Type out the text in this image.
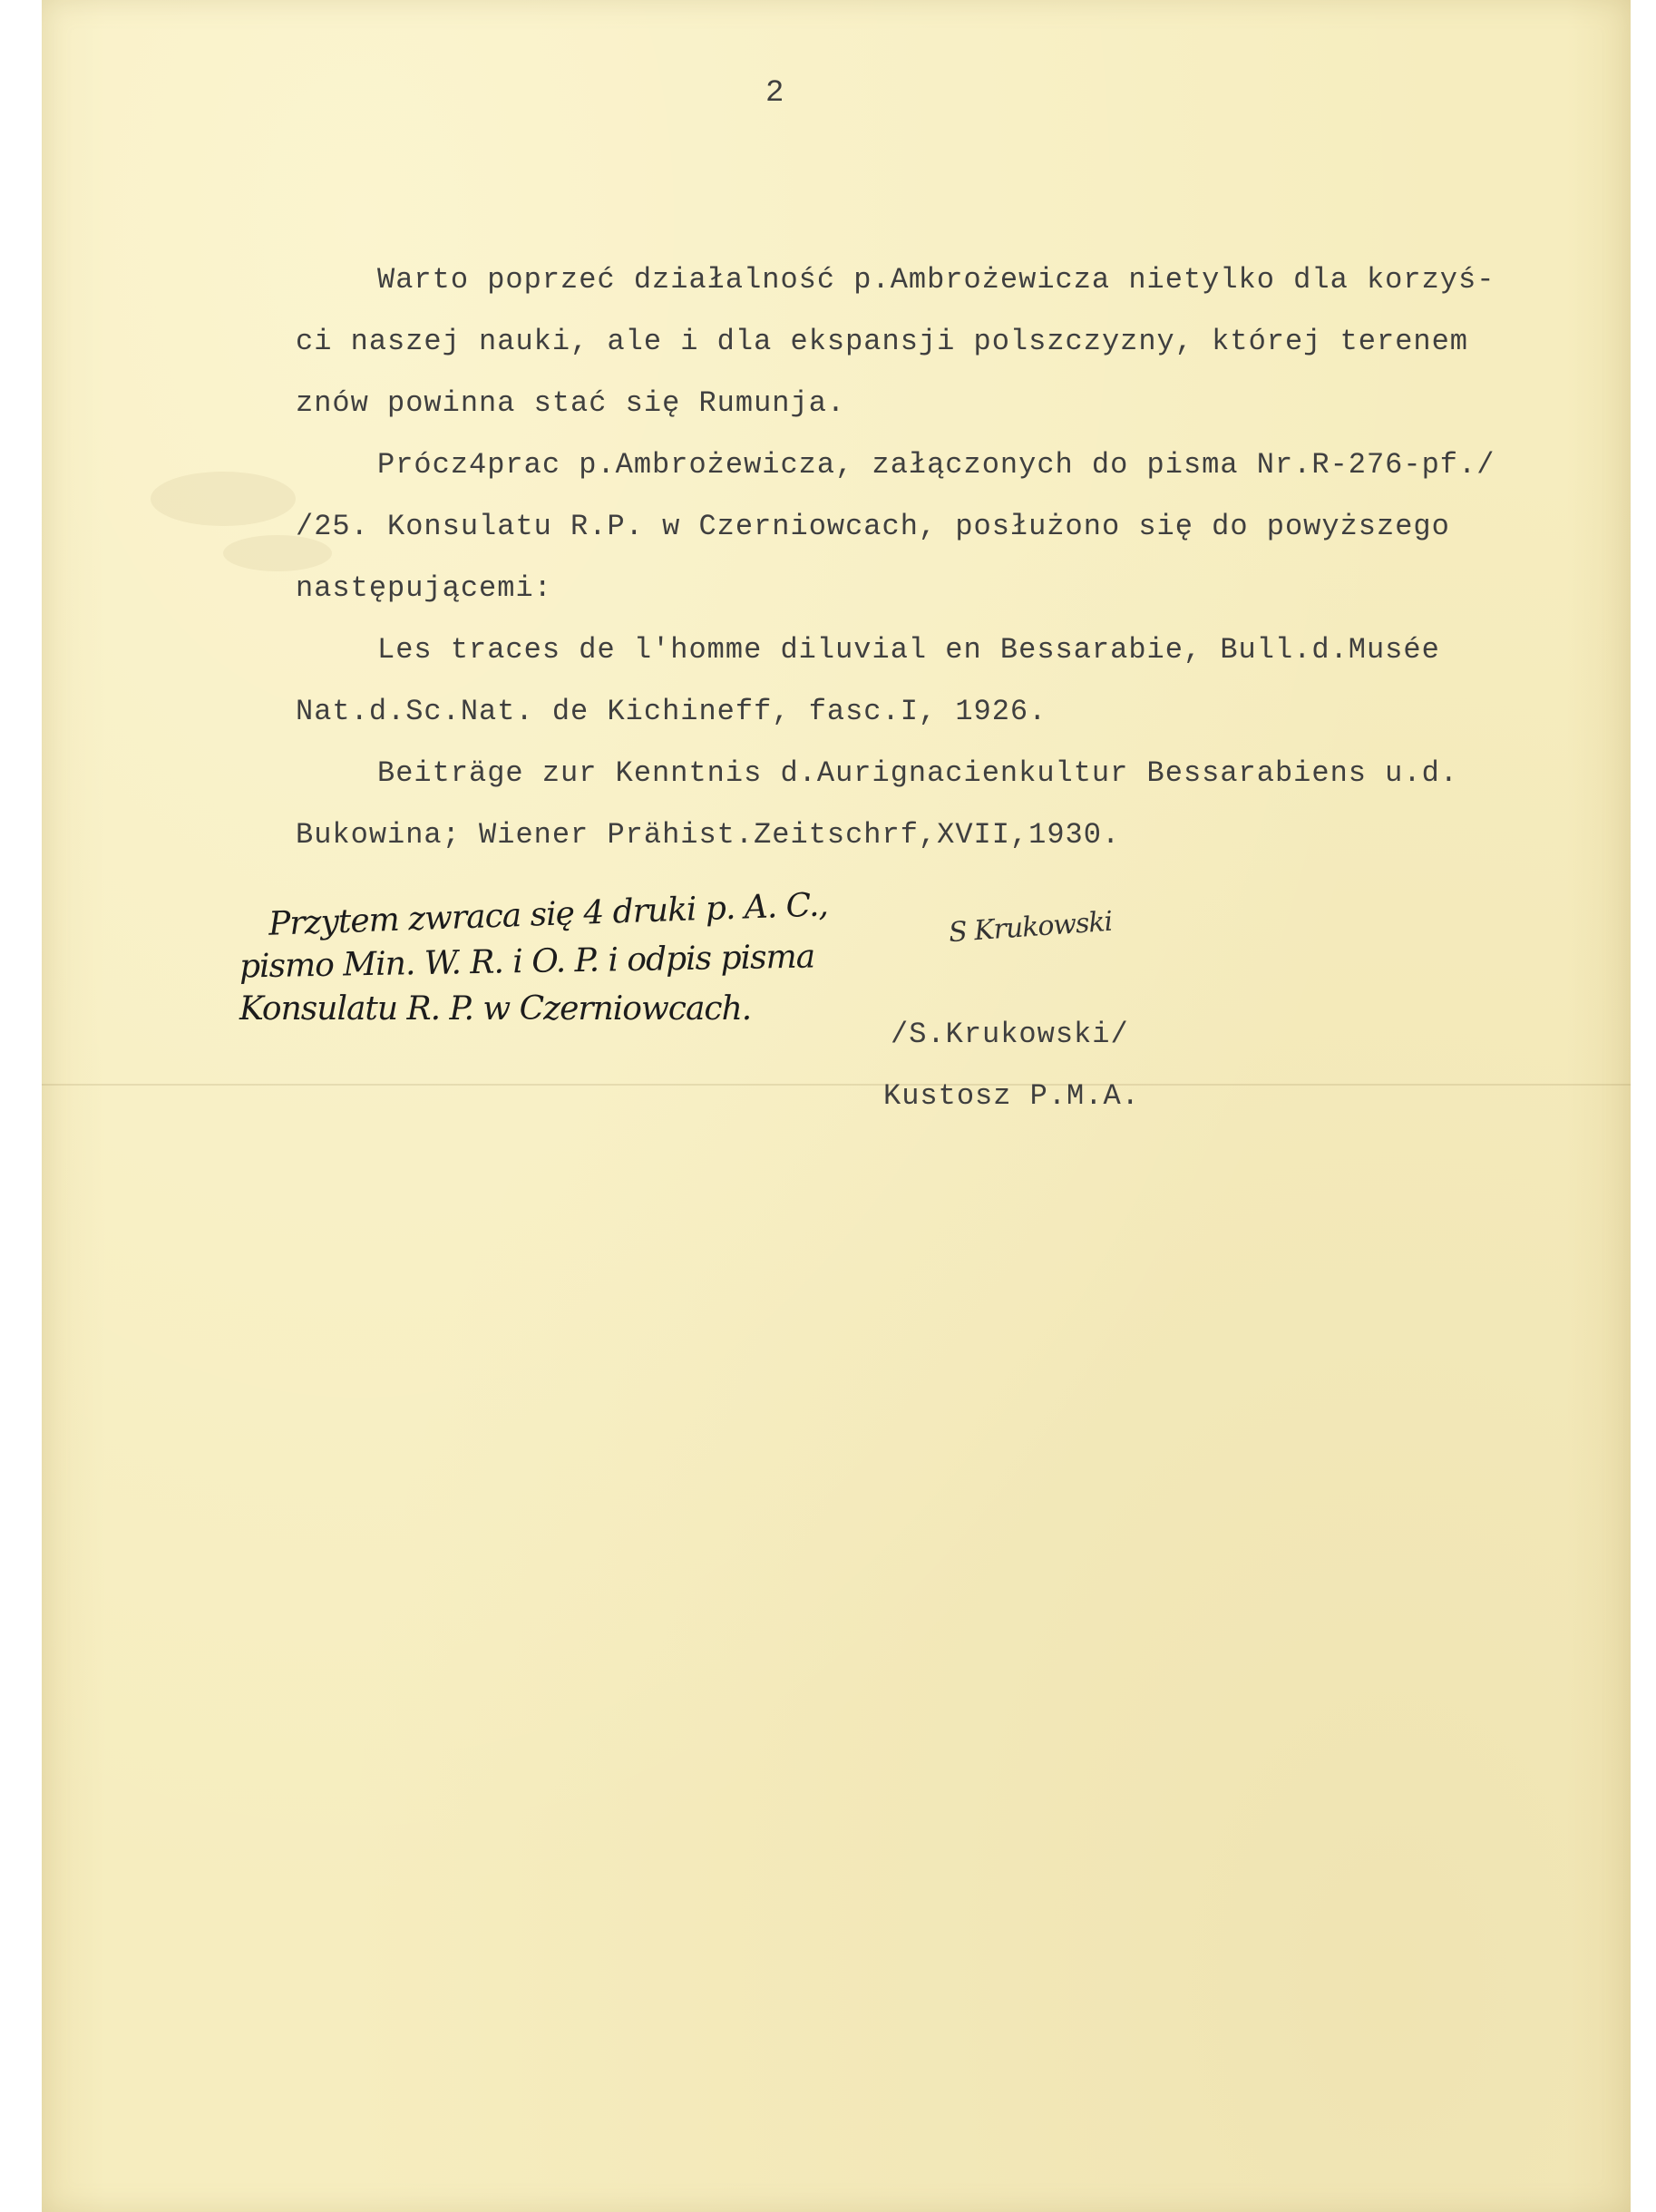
2
Warto poprzeć działalność p.Ambrożewicza nietylko dla korzyś-
ci naszej nauki, ale i dla ekspansji polszczyzny, której terenem
znów powinna stać się Rumunja.
Prócz4prac p.Ambrożewicza, załączonych do pisma Nr.R-276-pf./
/25. Konsulatu R.P. w Czerniowcach, posłużono się do powyższego
następującemi:
Les traces de l'homme diluvial en Bessarabie, Bull.d.Musée
Nat.d.Sc.Nat. de Kichineff, fasc.I, 1926.
Beiträge zur Kenntnis d.Aurignacienkultur Bessarabiens u.d.
Bukowina; Wiener Prähist.Zeitschrf,XVII,1930.
Przytem zwraca się 4 druki p. A. C.,
pismo Min. W. R. i O. P. i odpis pisma
Konsulatu R. P. w Czerniowcach.
S Krukowski
/S.Krukowski/
Kustosz P.M.A.
